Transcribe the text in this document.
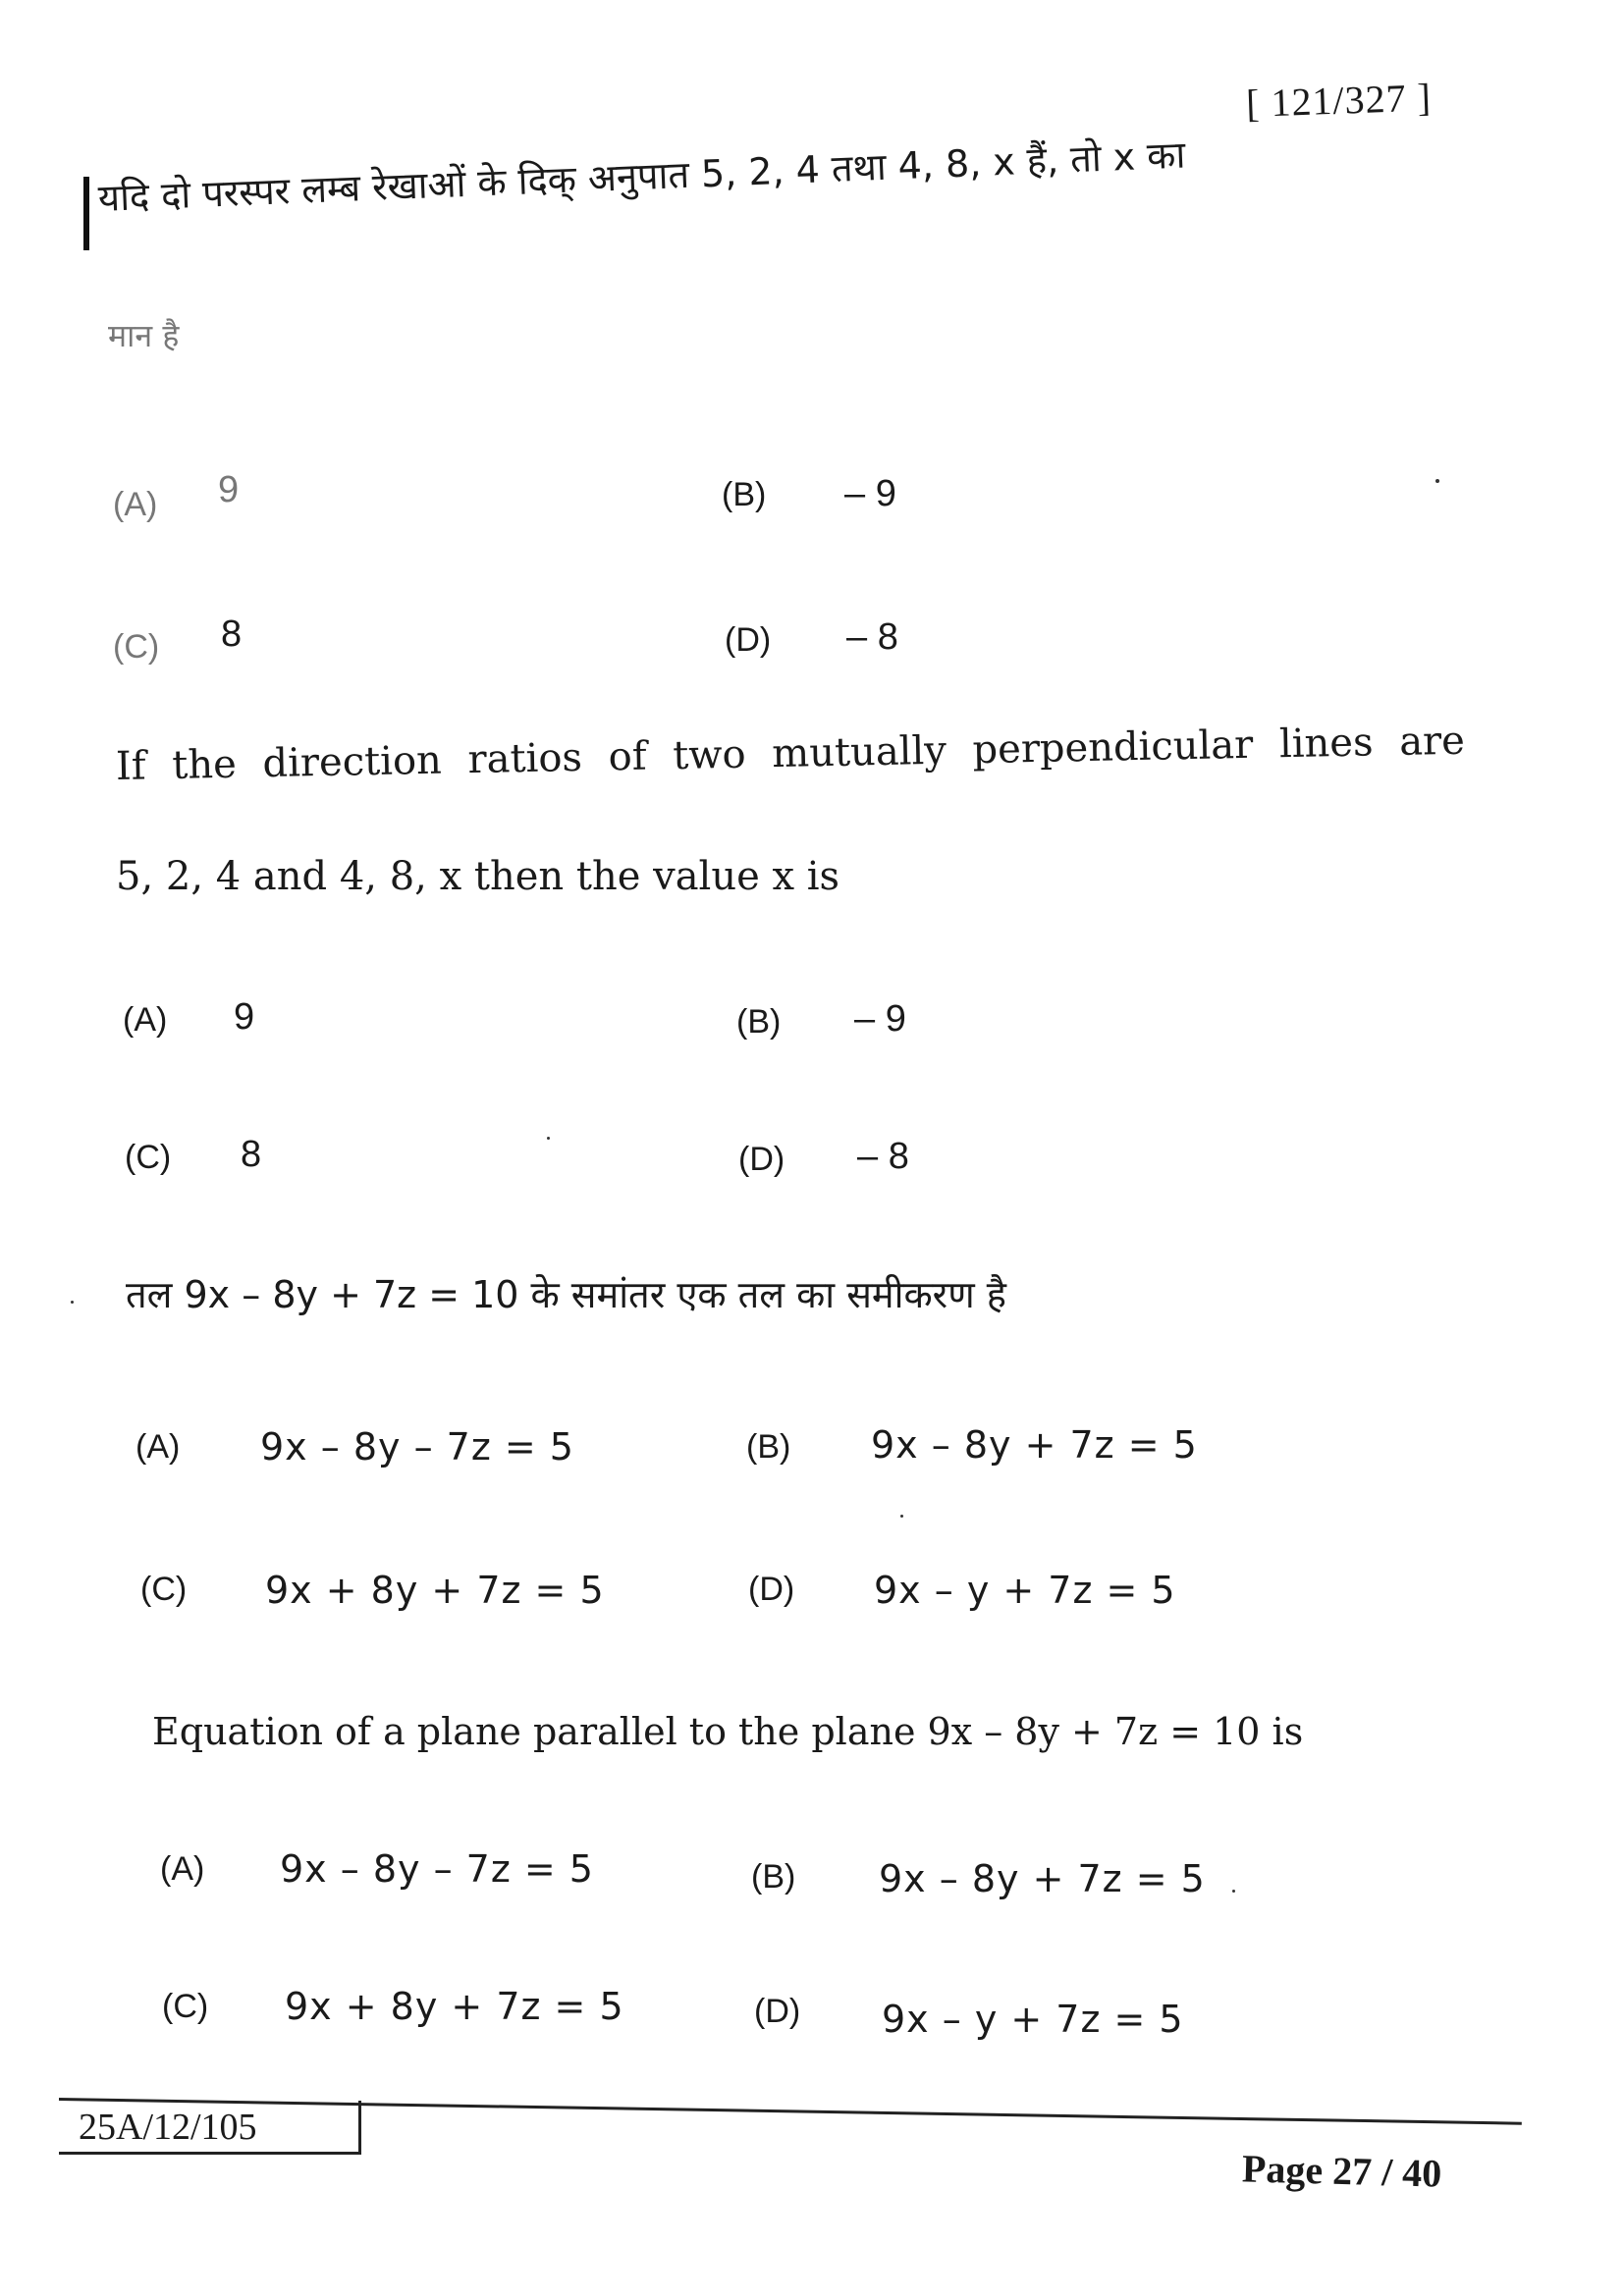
[ 121/327 ]
यदि दो परस्पर लम्ब रेखाओं के दिक् अनुपात 5, 2, 4 तथा 4, 8, x हैं, तो x का
मान है
(A) 9	(B) – 9
(C) 8	(D) – 8
If the direction ratios of two mutually perpendicular lines are
5, 2, 4 and 4, 8, x then the value x is
(A) 9	(B) – 9
(C) 8	(D) – 8
तल 9x – 8y + 7z = 10 के समांतर एक तल का समीकरण है
(A) 9x – 8y – 7z = 5	(B) 9x – 8y + 7z = 5
(C) 9x + 8y + 7z = 5	(D) 9x – y + 7z = 5
Equation of a plane parallel to the plane 9x – 8y + 7z = 10 is
(A) 9x – 8y – 7z = 5	(B) 9x – 8y + 7z = 5
(C) 9x + 8y + 7z = 5	(D) 9x – y + 7z = 5
25A/12/105
Page 27 / 40
